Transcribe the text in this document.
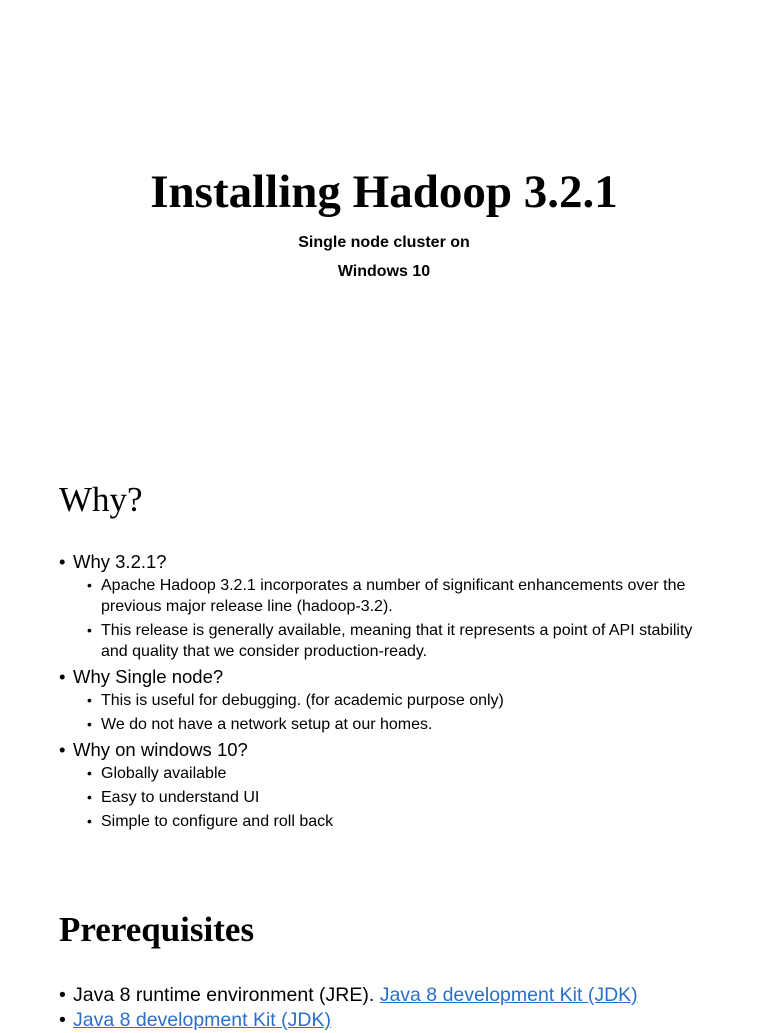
Installing Hadoop 3.2.1

Single node cluster on
Windows 10

Why?
• Why 3.2.1?
• Apache Hadoop 3.2.1 incorporates a number of significant enhancements over the previous major release line (hadoop-3.2).
• This release is generally available, meaning that it represents a point of API stability and quality that we consider production-ready.
• Why Single node?
• This is useful for debugging. (for academic purpose only)
• We do not have a network setup at our homes.
• Why on windows 10?
• Globally available
• Easy to understand UI
• Simple to configure and roll back
Prerequisites
• Java 8 runtime environment (JRE). Java 8 development Kit (JDK)
• Java 8 development Kit (JDK)
